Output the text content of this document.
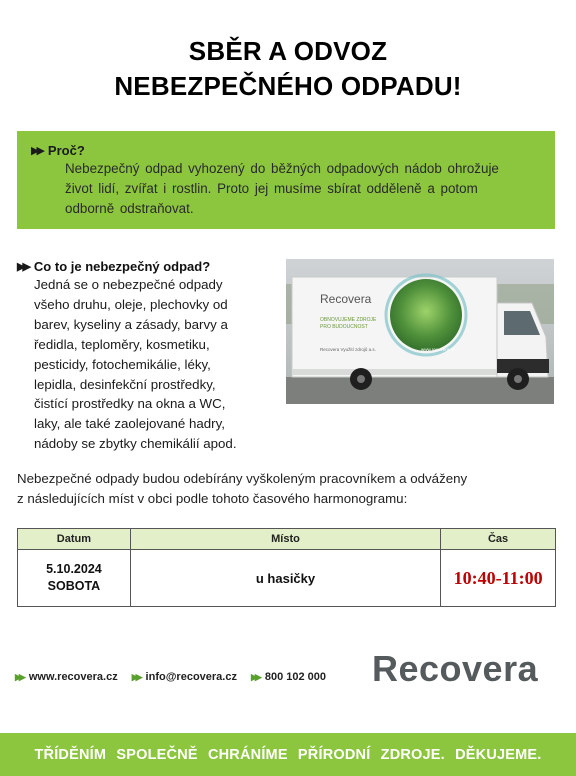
SBĚR A ODVOZ
NEBEZPEČNÉHO ODPADU!
▶▶ Proč?
Nebezpečný odpad vyhozený do běžných odpadových nádob ohrožuje
život lidí, zvířat i rostlin. Proto jej musíme sbírat odděleně a potom
odborně odstraňovat.
▶▶ Co to je nebezpečný odpad?
Jedná se o nebezpečné odpady
všeho druhu, oleje, plechovky od
barev, kyseliny a zásady, barvy a
ředidla, teploměry, kosmetiku,
pesticidy, fotochemikálie, léky,
lepidla, desinfekční prostředky,
čistící prostředky na okna a WC,
laky, ale také zaolejované hadry,
nádoby se zbytky chemikálií apod.
Recovera
OBNOVUJEME ZDROJE
PRO BUDOUCNOST
Recovera Využití zdrojů a.s.	www.recovera.cz
Nebezpečné odpady budou odebírány vyškoleným pracovníkem a odváženy
z následujících míst v obci podle tohoto časového harmonogramu:
Datum	Místo	Čas

5.10.2024
SOBOTA	u hasičky	10:40-11:00
▶▶ www.recovera.cz ▶▶ info@recovera.cz ▶▶ 800 102 000 Recovera
TŘÍDĚNÍM SPOLEČNĚ CHRÁNÍME PŘÍRODNÍ ZDROJE. DĚKUJEME.
